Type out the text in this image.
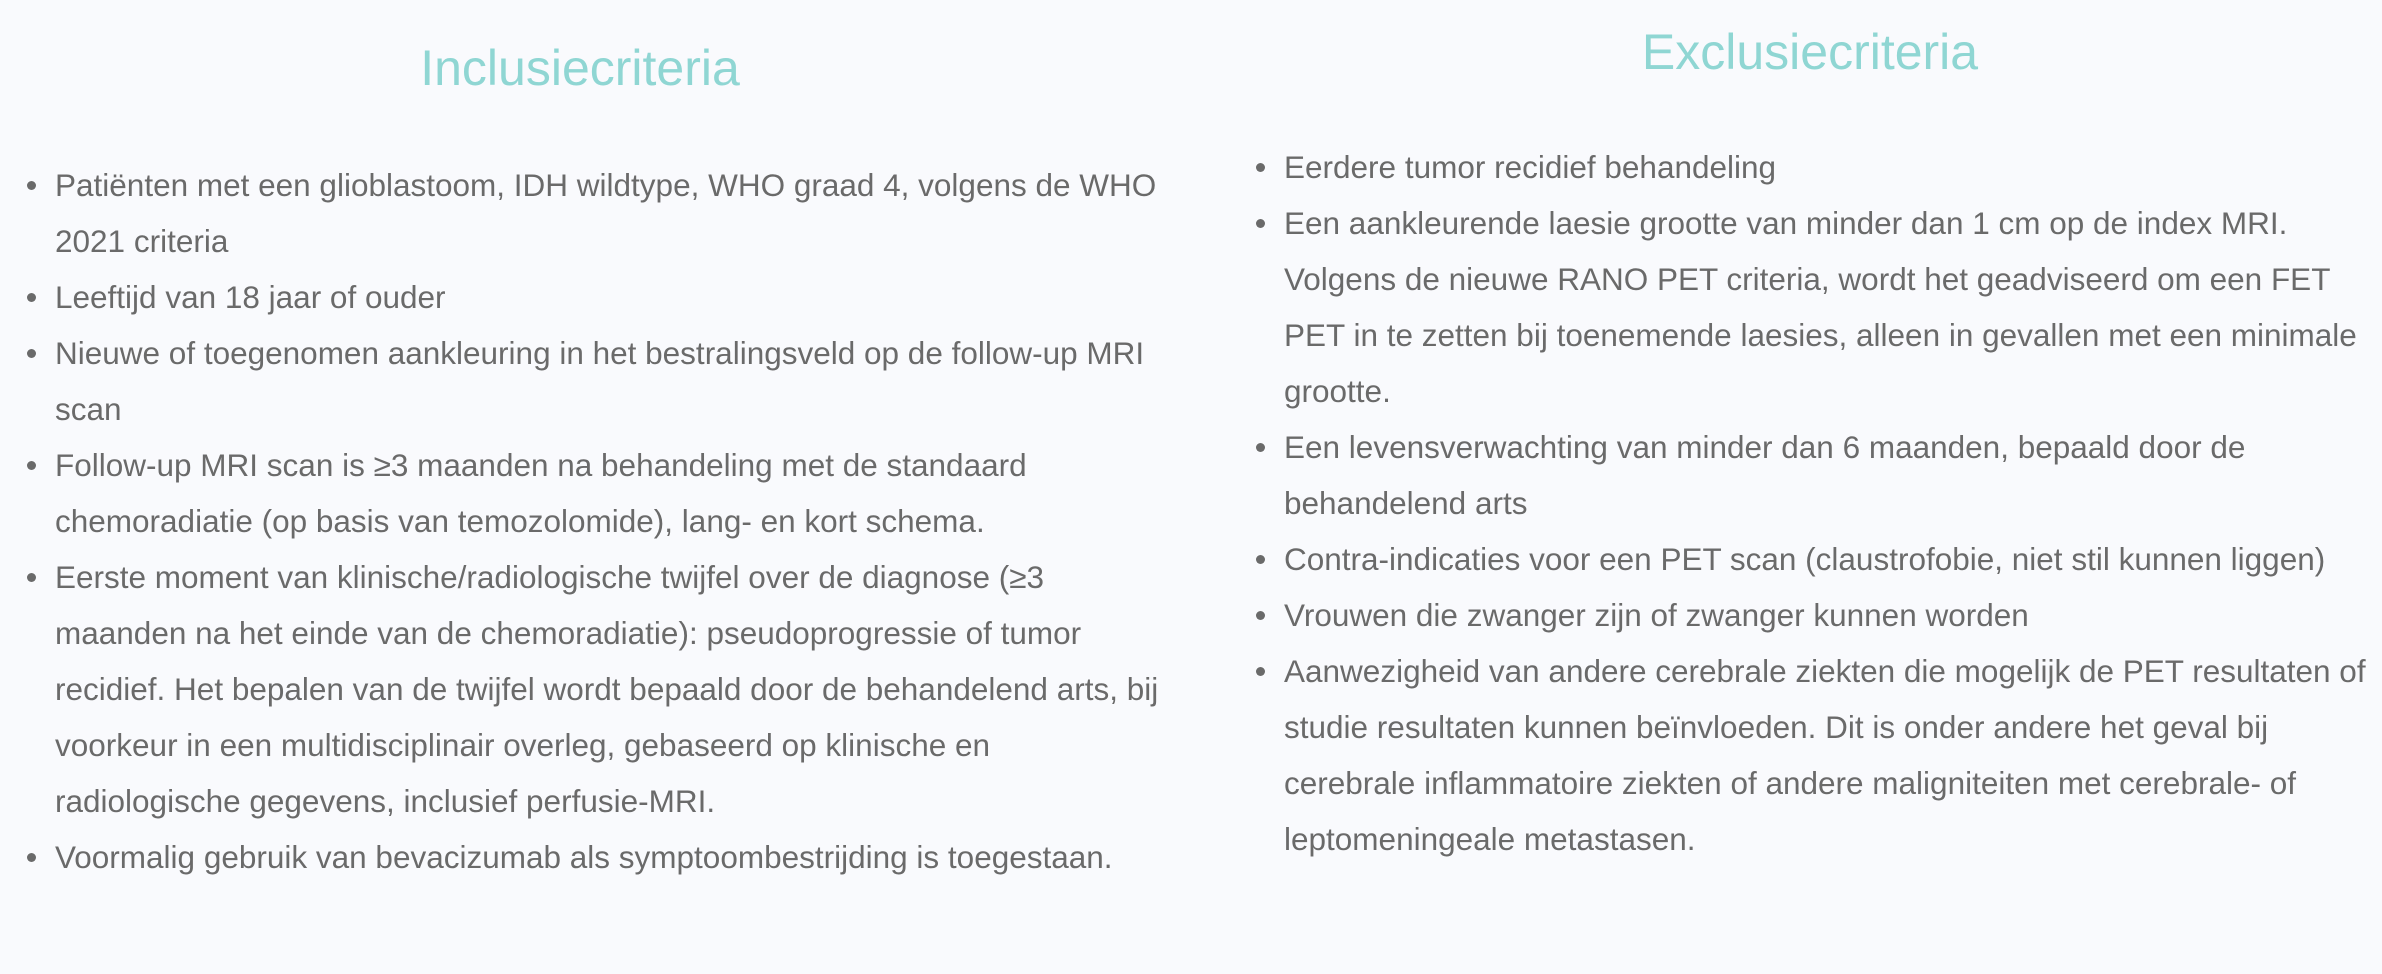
Inclusiecriteria
Patiënten met een glioblastoom, IDH wildtype, WHO graad 4, volgens de WHO 2021 criteria
Leeftijd van 18 jaar of ouder
Nieuwe of toegenomen aankleuring in het bestralingsveld op de follow-up MRI scan
Follow-up MRI scan is ≥3 maanden na behandeling met de standaard chemoradiatie (op basis van temozolomide), lang- en kort schema.
Eerste moment van klinische/radiologische twijfel over de diagnose (≥3 maanden na het einde van de chemoradiatie): pseudoprogressie of tumor recidief. Het bepalen van de twijfel wordt bepaald door de behandelend arts, bij voorkeur in een multidisciplinair overleg, gebaseerd op klinische en radiologische gegevens, inclusief perfusie-MRI.
Voormalig gebruik van bevacizumab als symptoombestrijding is toegestaan.
Exclusiecriteria
Eerdere tumor recidief behandeling
Een aankleurende laesie grootte van minder dan 1 cm op de index MRI. Volgens de nieuwe RANO PET criteria, wordt het geadviseerd om een FET PET in te zetten bij toenemende laesies, alleen in gevallen met een minimale grootte.
Een levensverwachting van minder dan 6 maanden, bepaald door de behandelend arts
Contra-indicaties voor een PET scan (claustrofobie, niet stil kunnen liggen)
Vrouwen die zwanger zijn of zwanger kunnen worden
Aanwezigheid van andere cerebrale ziekten die mogelijk de PET resultaten of studie resultaten kunnen beïnvloeden. Dit is onder andere het geval bij cerebrale inflammatoire ziekten of andere maligniteiten met cerebrale- of leptomeningeale metastasen.
